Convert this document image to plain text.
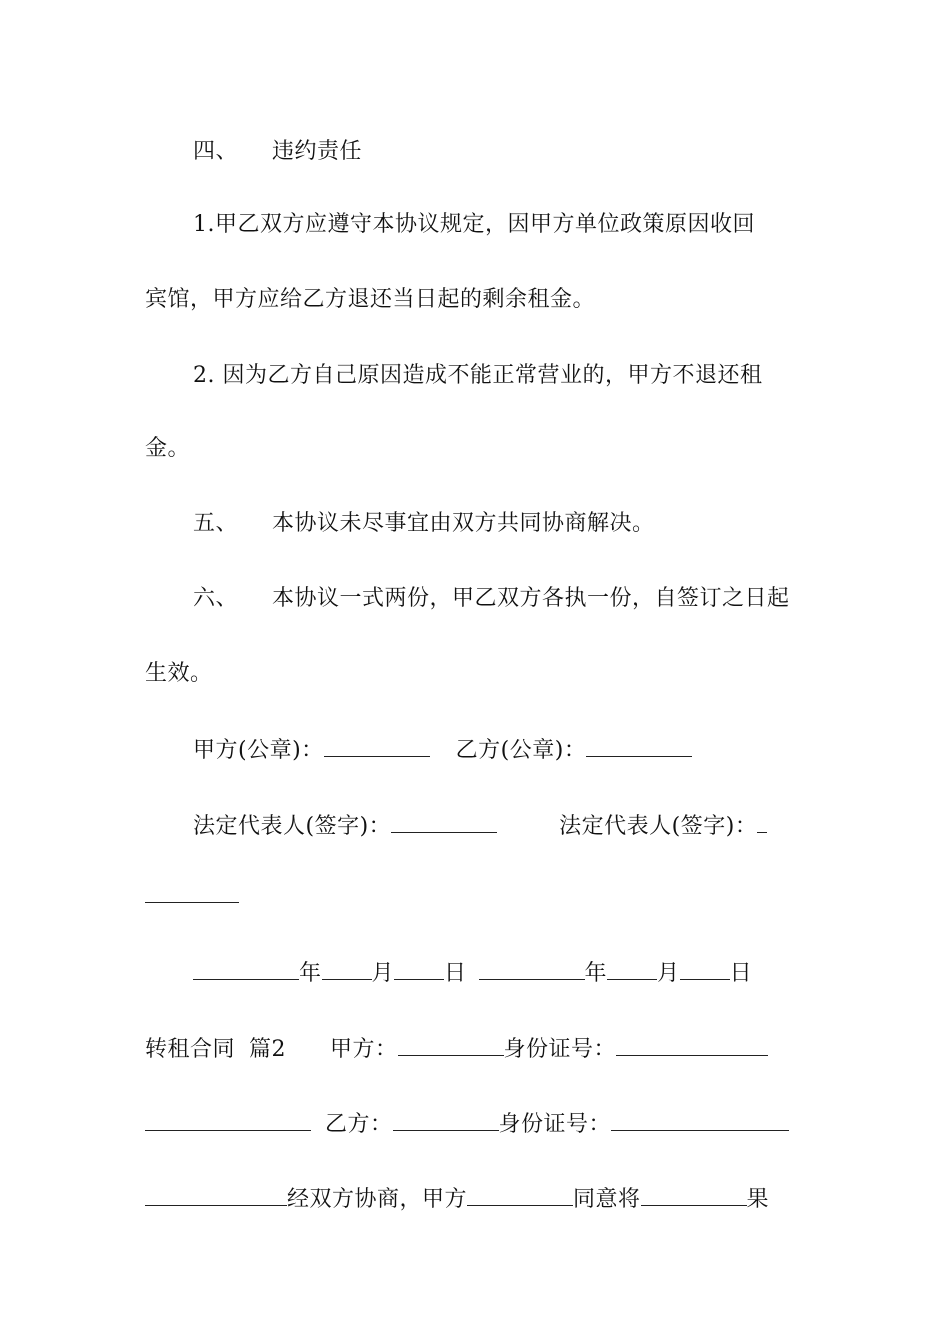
四、 违约责任
1.甲乙双方应遵守本协议规定，因甲方单位政策原因收回
宾馆，甲方应给乙方退还当日起的剩余租金。
2. 因为乙方自己原因造成不能正常营业的，甲方不退还租
金。
五、 本协议未尽事宜由双方共同协商解决。
六、 本协议一式两份，甲乙双方各执一份，自签订之日起
生效。
甲方(公章)：	乙方(公章)：
法定代表人(签字)：	法定代表人(签字)：
年 月 日	年 月 日
转租合同 篇2 甲方：	身份证号：
乙方：	身份证号：
经双方协商，甲方	同意将	果
